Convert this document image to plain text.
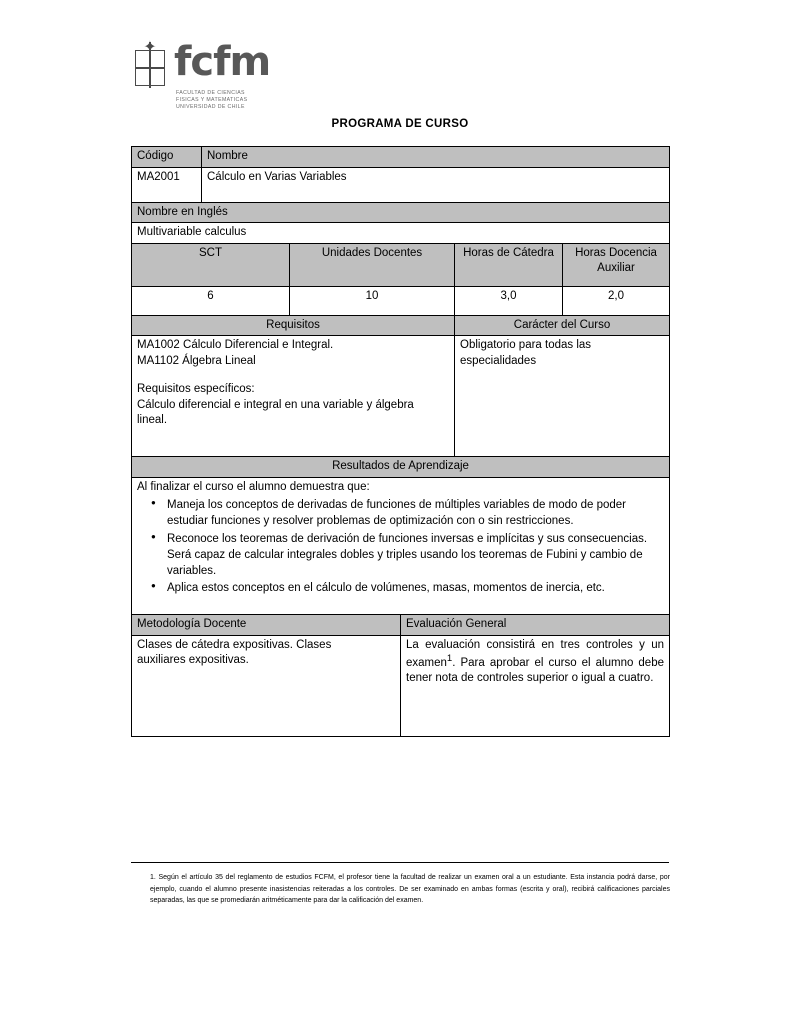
✦ fcfm
FACULTAD DE CIENCIAS
FISICAS Y MATEMATICAS
UNIVERSIDAD DE CHILE
PROGRAMA DE CURSO
Código	Nombre			
MA2001	Cálculo en Varias Variables			
Nombre en Inglés				
Multivariable calculus				
SCT		Unidades Docentes	Horas de Cátedra	Horas Docencia Auxiliar
6		10	3,0	2,0
Requisitos			Carácter del Curso	

MA1002 Cálculo Diferencial e Integral.
MA1102 Álgebra Lineal
Requisitos específicos:
Cálculo diferencial e integral en una variable y álgebra lineal.			Obligatorio para todas las especialidades	
Resultados de Aprendizaje				

Al finalizar el curso el alumno demuestra que:
● Maneja los conceptos de derivadas de funciones de múltiples variables de modo de poder estudiar funciones y resolver problemas de optimización con o sin restricciones.
● Reconoce los teoremas de derivación de funciones inversas e implícitas y sus consecuencias. Será capaz de calcular integrales dobles y triples usando los teoremas de Fubini y cambio de variables.
● Aplica estos conceptos en el cálculo de volúmenes, masas, momentos de inercia, etc.
Metodología Docente	Evaluación General
Clases de cátedra expositivas. Clases auxiliares expositivas.	La evaluación consistirá en tres controles y un examen$^1$. Para aprobar el curso el alumno debe tener nota de controles superior o igual a cuatro.
1. Según el artículo 35 del reglamento de estudios FCFM, el profesor tiene la facultad de realizar un examen oral a un estudiante. Esta instancia podrá darse, por ejemplo, cuando el alumno presente inasistencias reiteradas a los controles. De ser examinado en ambas formas (escrita y oral), recibirá calificaciones parciales separadas, las que se promediarán aritméticamente para dar la calificación del examen.
